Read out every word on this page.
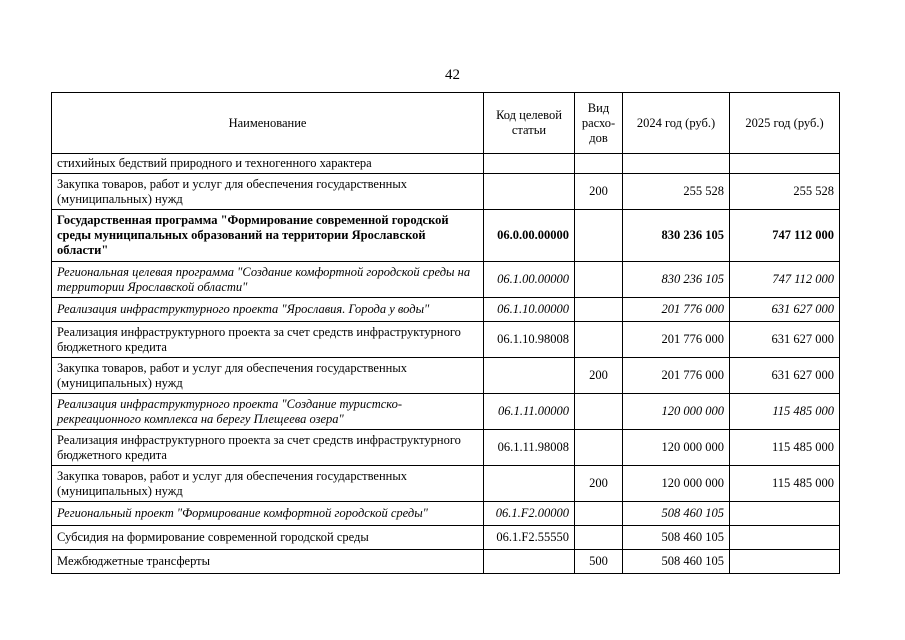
42
Наименование	Код целевой статьи	Вид расхо-дов	2024 год (руб.)	2025 год (руб.)
стихийных бедствий природного и техногенного характера				
Закупка товаров, работ и услуг для обеспечения государственных (муниципальных) нужд		200	255 528	255 528
Государственная программа "Формирование современной городской среды муниципальных образований на территории Ярославской области"	06.0.00.00000		830 236 105	747 112 000
Региональная целевая программа "Создание комфортной городской среды на территории Ярославской области"	06.1.00.00000		830 236 105	747 112 000
Реализация инфраструктурного проекта "Ярославия. Города у воды"	06.1.10.00000		201 776 000	631 627 000
Реализация инфраструктурного проекта за счет средств инфраструктурного бюджетного кредита	06.1.10.98008		201 776 000	631 627 000
Закупка товаров, работ и услуг для обеспечения государственных (муниципальных) нужд		200	201 776 000	631 627 000
Реализация инфраструктурного проекта "Создание туристско-рекреационного комплекса на берегу Плещеева озера"	06.1.11.00000		120 000 000	115 485 000
Реализация инфраструктурного проекта за счет средств инфраструктурного бюджетного кредита	06.1.11.98008		120 000 000	115 485 000
Закупка товаров, работ и услуг для обеспечения государственных (муниципальных) нужд		200	120 000 000	115 485 000
Региональный проект "Формирование комфортной городской среды"	06.1.F2.00000		508 460 105	
Субсидия на формирование современной городской среды	06.1.F2.55550		508 460 105	
Межбюджетные трансферты		500	508 460 105	
